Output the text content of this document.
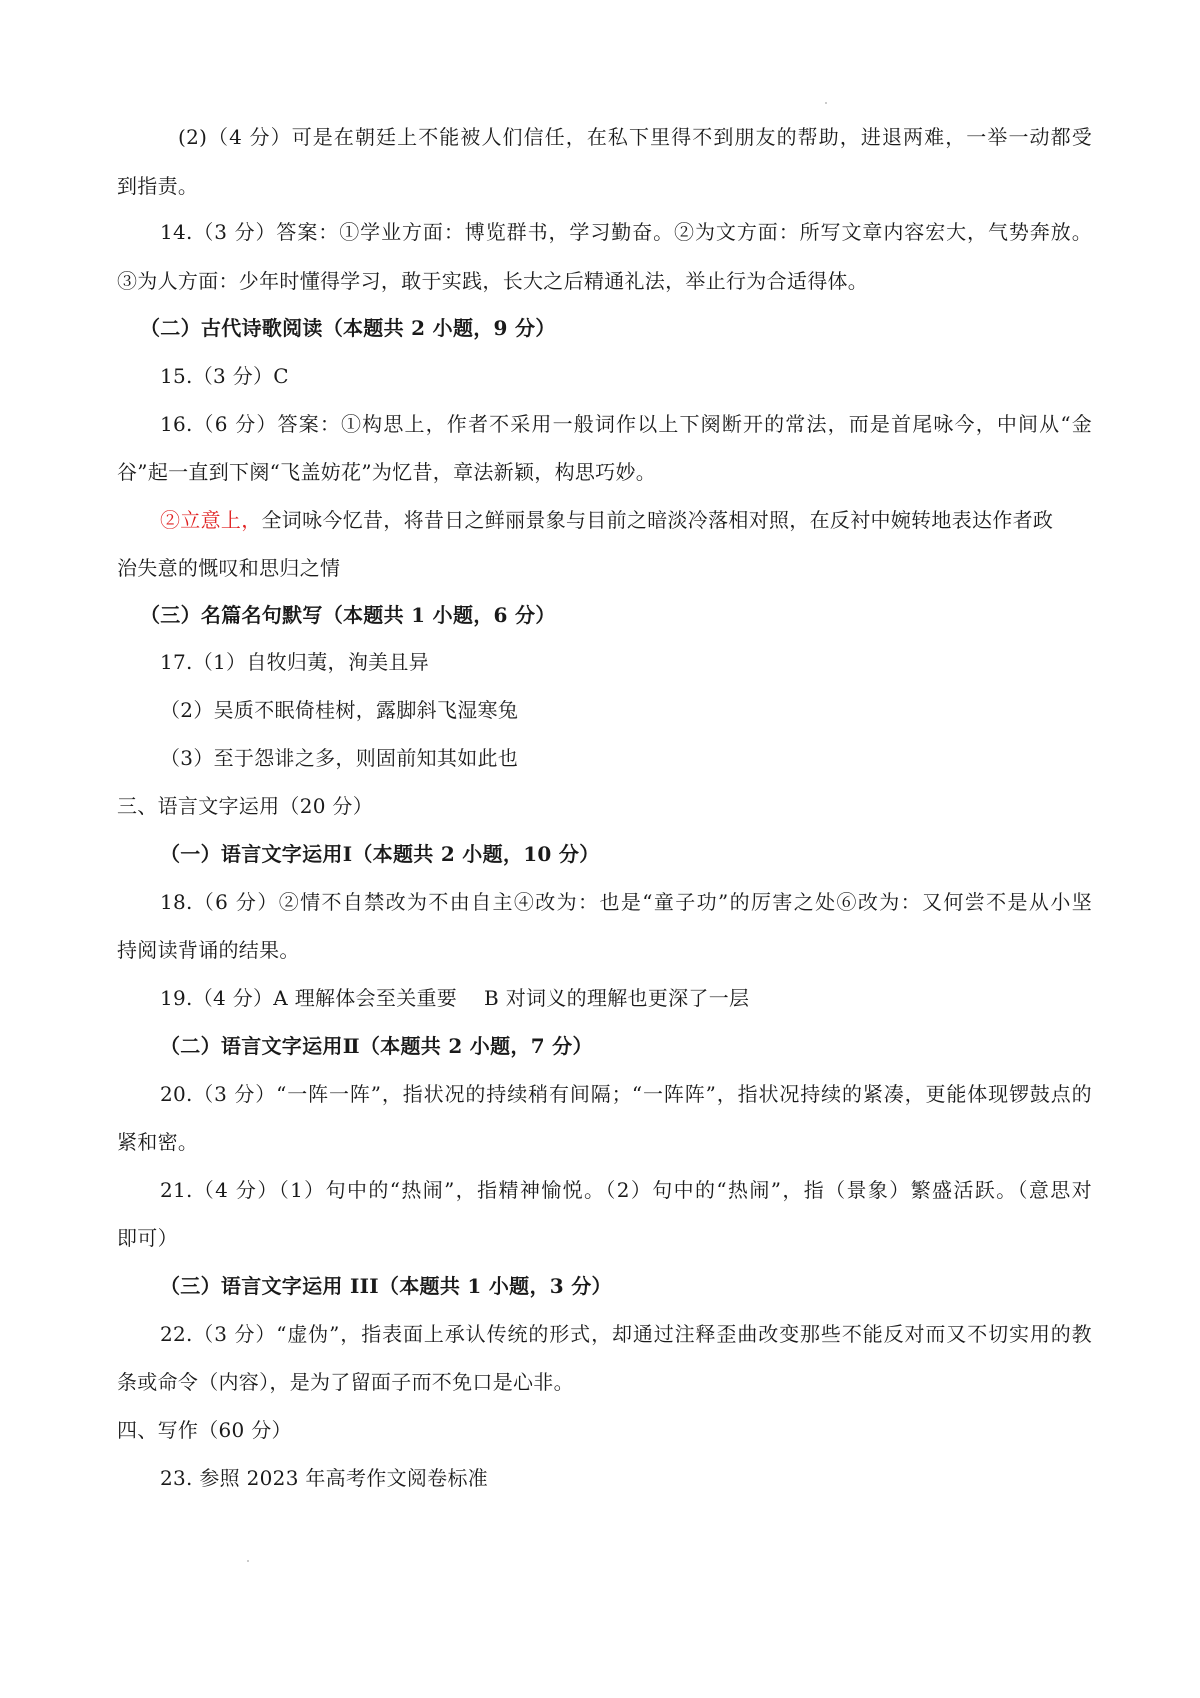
(2)（4 分）可是在朝廷上不能被人们信任，在私下里得不到朋友的帮助，进退两难，一举一动都受
到指责。
14.（3 分）答案：①学业方面：博览群书，学习勤奋。②为文方面：所写文章内容宏大，气势奔放。
③为人方面：少年时懂得学习，敢于实践，长大之后精通礼法，举止行为合适得体。
（二）古代诗歌阅读（本题共 2 小题，9 分）
15.（3 分）C
16.（6 分）答案：①构思上，作者不采用一般词作以上下阕断开的常法，而是首尾咏今，中间从“金
谷”起一直到下阕“飞盖妨花”为忆昔，章法新颖，构思巧妙。
②立意上，全词咏今忆昔，将昔日之鲜丽景象与目前之暗淡冷落相对照，在反衬中婉转地表达作者政
治失意的慨叹和思归之情
（三）名篇名句默写（本题共 1 小题，6 分）
17.（1）自牧归荑，洵美且异
（2）吴质不眠倚桂树，露脚斜飞湿寒兔
（3）至于怨诽之多，则固前知其如此也
三、语言文字运用（20 分）
（一）语言文字运用Ⅰ（本题共 2 小题，10 分）
18.（6 分）②情不自禁改为不由自主④改为：也是“童子功”的厉害之处⑥改为：又何尝不是从小坚
持阅读背诵的结果。
19.（4 分）A 理解体会至关重要　 B 对词义的理解也更深了一层
（二）语言文字运用Ⅱ（本题共 2 小题，7 分）
20.（3 分）“一阵一阵”，指状况的持续稍有间隔；“一阵阵”，指状况持续的紧凑，更能体现锣鼓点的
紧和密。
21.（4 分）（1）句中的“热闹”，指精神愉悦。（2）句中的“热闹”，指（景象）繁盛活跃。（意思对
即可）
（三）语言文字运用 III（本题共 1 小题，3 分）
22.（3 分）“虚伪”，指表面上承认传统的形式，却通过注释歪曲改变那些不能反对而又不切实用的教
条或命令（内容），是为了留面子而不免口是心非。
四、写作（60 分）
23. 参照 2023 年高考作文阅卷标准
